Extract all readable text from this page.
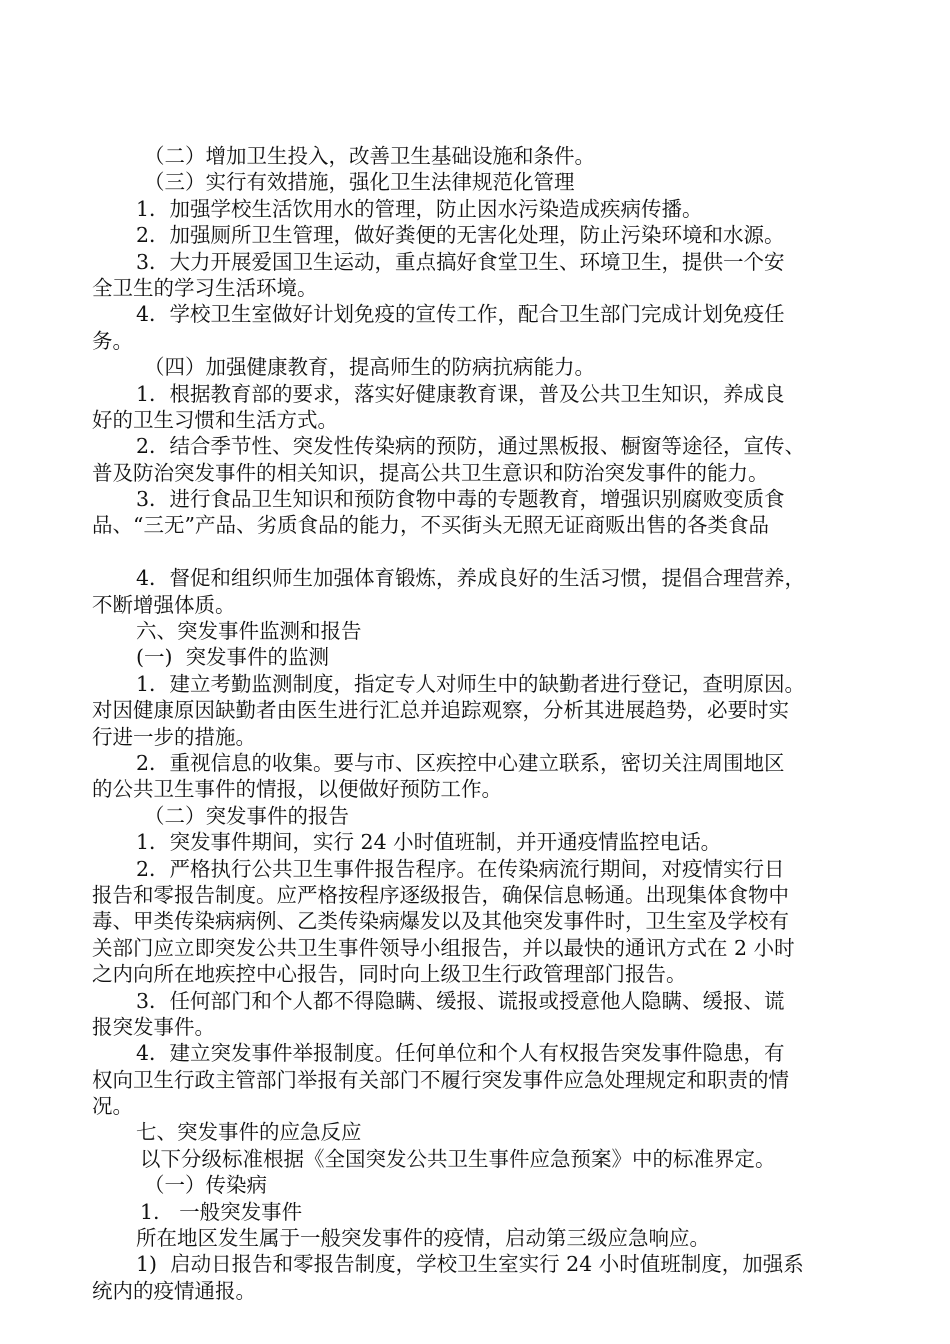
（二）增加卫生投入，改善卫生基础设施和条件。
（三）实行有效措施，强化卫生法律规范化管理
1．加强学校生活饮用水的管理，防止因水污染造成疾病传播。
2．加强厕所卫生管理，做好粪便的无害化处理，防止污染环境和水源。
3．大力开展爱国卫生运动，重点搞好食堂卫生、环境卫生，提供一个安
全卫生的学习生活环境。
4．学校卫生室做好计划免疫的宣传工作，配合卫生部门完成计划免疫任
务。
（四）加强健康教育，提高师生的防病抗病能力。
1．根据教育部的要求，落实好健康教育课，普及公共卫生知识，养成良
好的卫生习惯和生活方式。
2．结合季节性、突发性传染病的预防，通过黑板报、橱窗等途径，宣传、
普及防治突发事件的相关知识，提高公共卫生意识和防治突发事件的能力。
3．进行食品卫生知识和预防食物中毒的专题教育，增强识别腐败变质食
品、“三无”产品、劣质食品的能力，不买街头无照无证商贩出售的各类食品
4．督促和组织师生加强体育锻炼，养成良好的生活习惯，提倡合理营养，
不断增强体质。
六、突发事件监测和报告
(一)  突发事件的监测
1．建立考勤监测制度，指定专人对师生中的缺勤者进行登记，查明原因。
对因健康原因缺勤者由医生进行汇总并追踪观察，分析其进展趋势，必要时实
行进一步的措施。
2．重视信息的收集。要与市、区疾控中心建立联系，密切关注周围地区
的公共卫生事件的情报，以便做好预防工作。
（二）突发事件的报告
1．突发事件期间，实行 24 小时值班制，并开通疫情监控电话。
2．严格执行公共卫生事件报告程序。在传染病流行期间，对疫情实行日
报告和零报告制度。应严格按程序逐级报告，确保信息畅通。出现集体食物中
毒、甲类传染病病例、乙类传染病爆发以及其他突发事件时，卫生室及学校有
关部门应立即突发公共卫生事件领导小组报告，并以最快的通讯方式在 2 小时
之内向所在地疾控中心报告，同时向上级卫生行政管理部门报告。
3．任何部门和个人都不得隐瞒、缓报、谎报或授意他人隐瞒、缓报、谎
报突发事件。
4．建立突发事件举报制度。任何单位和个人有权报告突发事件隐患，有
权向卫生行政主管部门举报有关部门不履行突发事件应急处理规定和职责的情
况。
七、突发事件的应急反应
以下分级标准根据《全国突发公共卫生事件应急预案》中的标准界定。
（一）传染病
1.   一般突发事件
所在地区发生属于一般突发事件的疫情，启动第三级应急响应。
1)  启动日报告和零报告制度，学校卫生室实行 24 小时值班制度，加强系
统内的疫情通报。
